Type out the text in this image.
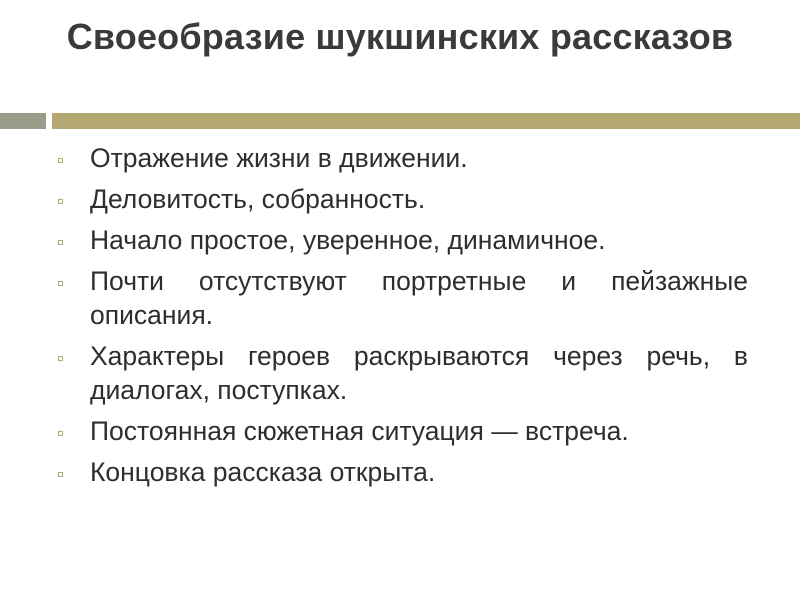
Своеобразие шукшинских рассказов
Отражение жизни в движении.
Деловитость, собранность.
Начало простое, уверенное, динамичное.
Почти отсутствуют портретные и пейзажные описания.
Характеры героев раскрываются через речь, в диалогах, поступках.
Постоянная сюжетная ситуация — встреча.
Концовка рассказа открыта.
